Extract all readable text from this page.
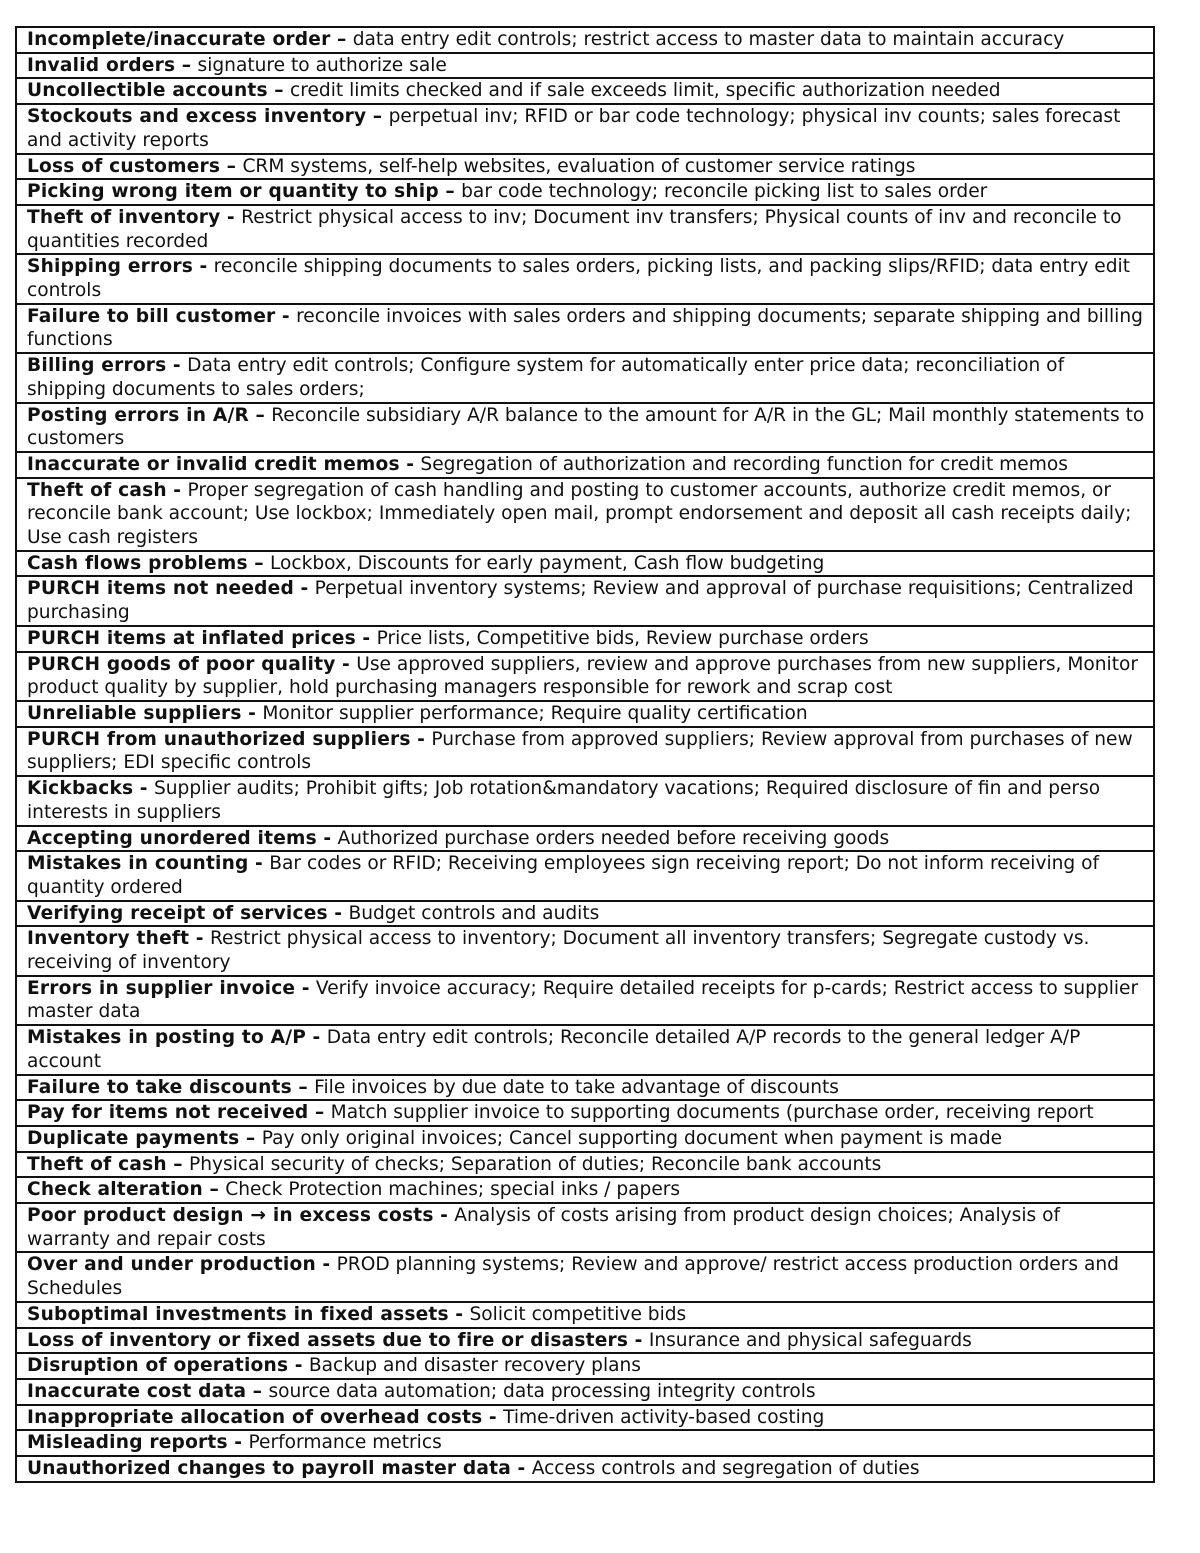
Incomplete/inaccurate order – data entry edit controls; restrict access to master data to maintain accuracy
Invalid orders – signature to authorize sale
Uncollectible accounts – credit limits checked and if sale exceeds limit, specific authorization needed
Stockouts and excess inventory – perpetual inv; RFID or bar code technology; physical inv counts; sales forecast and activity reports
Loss of customers – CRM systems, self-help websites, evaluation of customer service ratings
Picking wrong item or quantity to ship – bar code technology; reconcile picking list to sales order
Theft of inventory - Restrict physical access to inv; Document inv transfers; Physical counts of inv and reconcile to quantities recorded
Shipping errors - reconcile shipping documents to sales orders, picking lists, and packing slips/RFID; data entry edit controls
Failure to bill customer - reconcile invoices with sales orders and shipping documents; separate shipping and billing functions
Billing errors - Data entry edit controls; Configure system for automatically enter price data; reconciliation of shipping documents to sales orders;
Posting errors in A/R – Reconcile subsidiary A/R balance to the amount for A/R in the GL; Mail monthly statements to customers
Inaccurate or invalid credit memos - Segregation of authorization and recording function for credit memos
Theft of cash - Proper segregation of cash handling and posting to customer accounts, authorize credit memos, or reconcile bank account; Use lockbox; Immediately open mail, prompt endorsement and deposit all cash receipts daily; Use cash registers
Cash flows problems – Lockbox, Discounts for early payment, Cash flow budgeting
PURCH items not needed - Perpetual inventory systems; Review and approval of purchase requisitions; Centralized purchasing
PURCH items at inflated prices - Price lists, Competitive bids, Review purchase orders
PURCH goods of poor quality - Use approved suppliers, review and approve purchases from new suppliers, Monitor product quality by supplier, hold purchasing managers responsible for rework and scrap cost
Unreliable suppliers - Monitor supplier performance; Require quality certification
PURCH from unauthorized suppliers - Purchase from approved suppliers; Review approval from purchases of new suppliers; EDI specific controls
Kickbacks - Supplier audits; Prohibit gifts; Job rotation&mandatory vacations; Required disclosure of fin and perso interests in suppliers
Accepting unordered items - Authorized purchase orders needed before receiving goods
Mistakes in counting - Bar codes or RFID; Receiving employees sign receiving report; Do not inform receiving of quantity ordered
Verifying receipt of services - Budget controls and audits
Inventory theft - Restrict physical access to inventory; Document all inventory transfers; Segregate custody vs. receiving of inventory
Errors in supplier invoice - Verify invoice accuracy; Require detailed receipts for p-cards; Restrict access to supplier master data
Mistakes in posting to A/P - Data entry edit controls; Reconcile detailed A/P records to the general ledger A/P account
Failure to take discounts – File invoices by due date to take advantage of discounts
Pay for items not received – Match supplier invoice to supporting documents (purchase order, receiving report
Duplicate payments – Pay only original invoices; Cancel supporting document when payment is made
Theft of cash – Physical security of checks; Separation of duties; Reconcile bank accounts
Check alteration – Check Protection machines; special inks / papers
Poor product design → in excess costs - Analysis of costs arising from product design choices; Analysis of warranty and repair costs
Over and under production - PROD planning systems; Review and approve/ restrict access production orders and Schedules
Suboptimal investments in fixed assets - Solicit competitive bids
Loss of inventory or fixed assets due to fire or disasters - Insurance and physical safeguards
Disruption of operations - Backup and disaster recovery plans
Inaccurate cost data – source data automation; data processing integrity controls
Inappropriate allocation of overhead costs - Time-driven activity-based costing
Misleading reports - Performance metrics
Unauthorized changes to payroll master data - Access controls and segregation of duties
